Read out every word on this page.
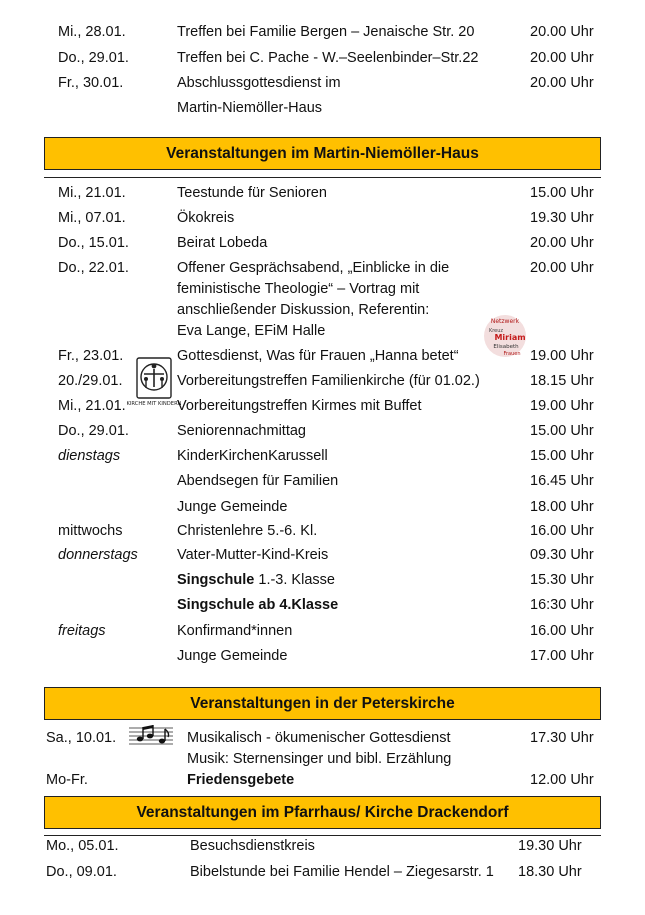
Mi., 28.01.	Treffen bei Familie Bergen – Jenaische Str. 20	20.00 Uhr
Do., 29.01.	Treffen bei C. Pache - W.–Seelenbinder–Str.22	20.00 Uhr
Fr., 30.01.	Abschlussgottesdienst im	20.00 Uhr
Martin-Niemöller-Haus
Veranstaltungen im Martin-Niemöller-Haus
Mi., 21.01.	Teestunde für Senioren	15.00 Uhr
Mi., 07.01.	Ökokreis	19.30 Uhr
Do., 15.01.	Beirat Lobeda	20.00 Uhr
Do., 22.01.	Offener Gesprächsabend, „Einblicke in die	20.00 Uhr
feministische Theologie“ – Vortrag mit
anschließender Diskussion, Referentin:
Eva Lange, EFiM Halle
Netzwerk
Kreuz
Miriam
Elisabeth
Frauen
Fr., 23.01.	Gottesdienst, Was für Frauen „Hanna betet“	19.00 Uhr
KIRCHE MIT KINDERN
20./29.01.	Vorbereitungstreffen Familienkirche (für 01.02.)	18.15 Uhr
Mi., 21.01.	Vorbereitungstreffen Kirmes mit Buffet	19.00 Uhr
Do., 29.01.	Seniorennachmittag	15.00 Uhr
dienstags	KinderKirchenKarussell	15.00 Uhr
Abendsegen für Familien	16.45 Uhr
Junge Gemeinde	18.00 Uhr
mittwochs	Christenlehre 5.-6. Kl.	16.00 Uhr
donnerstags	Vater-Mutter-Kind-Kreis	09.30 Uhr
Singschule 1.-3. Klasse	15.30 Uhr
Singschule ab 4.Klasse	16:30 Uhr
freitags	Konfirmand*innen	16.00 Uhr
Junge Gemeinde	17.00 Uhr
Veranstaltungen in der Peterskirche
Sa., 10.01.	Musikalisch - ökumenischer Gottesdienst	17.30 Uhr
Musik: Sternensinger und bibl. Erzählung
Mo-Fr.	Friedensgebete	12.00 Uhr
Veranstaltungen im Pfarrhaus/ Kirche Drackendorf
Mo., 05.01.	Besuchsdienstkreis	19.30 Uhr
Do., 09.01.	Bibelstunde bei Familie Hendel – Ziegesarstr. 1 18.30 Uhr
